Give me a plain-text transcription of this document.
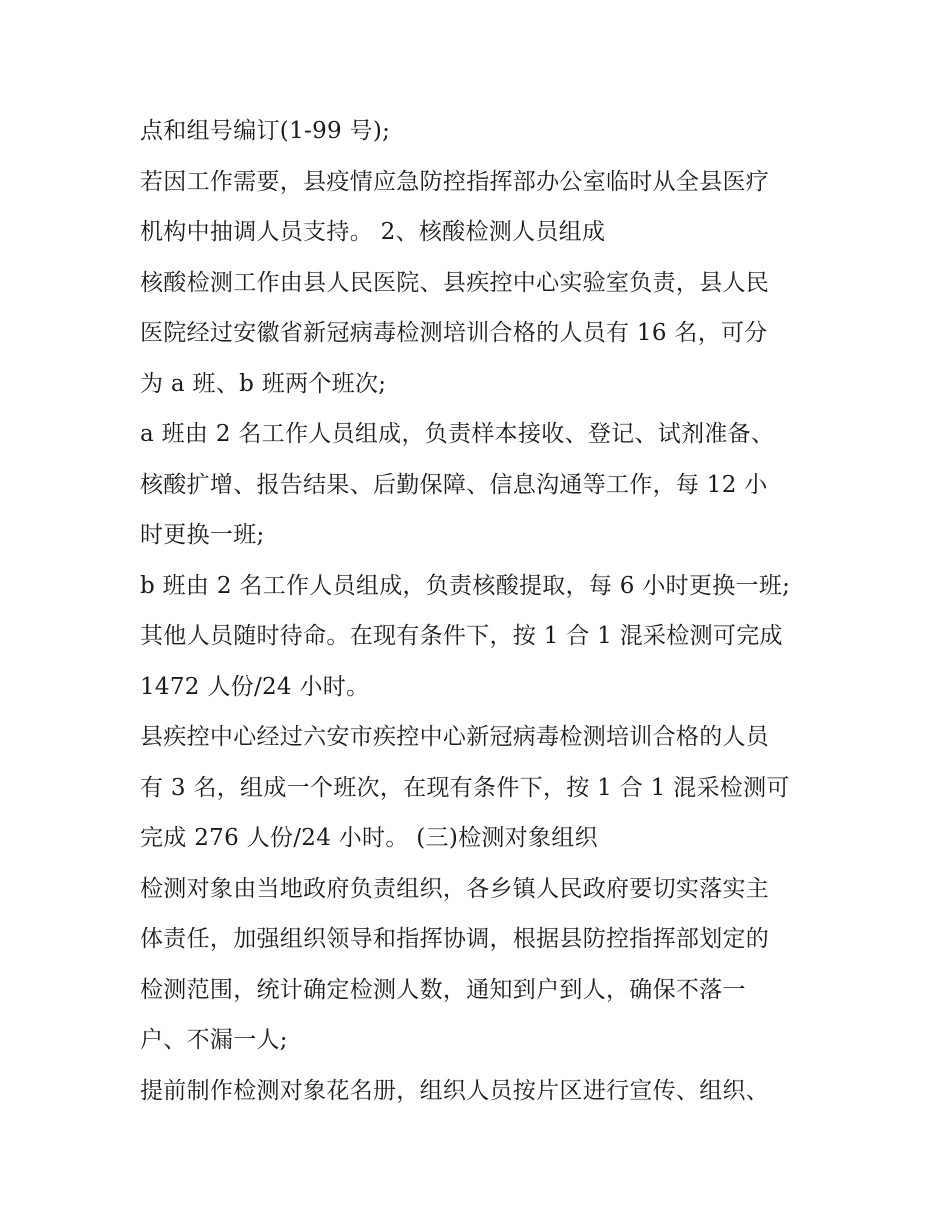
点和组号编订(1-99 号);
若因工作需要，县疫情应急防控指挥部办公室临时从全县医疗
机构中抽调人员支持。 2、核酸检测人员组成
核酸检测工作由县人民医院、县疾控中心实验室负责，县人民
医院经过安徽省新冠病毒检测培训合格的人员有 16 名，可分
为 a 班、b 班两个班次;
a 班由 2 名工作人员组成，负责样本接收、登记、试剂准备、
核酸扩增、报告结果、后勤保障、信息沟通等工作，每 12 小
时更换一班;
b 班由 2 名工作人员组成，负责核酸提取，每 6 小时更换一班;
其他人员随时待命。在现有条件下，按 1 合 1 混采检测可完成
1472 人份/24 小时。
县疾控中心经过六安市疾控中心新冠病毒检测培训合格的人员
有 3 名，组成一个班次，在现有条件下，按 1 合 1 混采检测可
完成 276 人份/24 小时。 (三)检测对象组织
检测对象由当地政府负责组织，各乡镇人民政府要切实落实主
体责任，加强组织领导和指挥协调，根据县防控指挥部划定的
检测范围，统计确定检测人数，通知到户到人，确保不落一
户、不漏一人;
提前制作检测对象花名册，组织人员按片区进行宣传、组织、
